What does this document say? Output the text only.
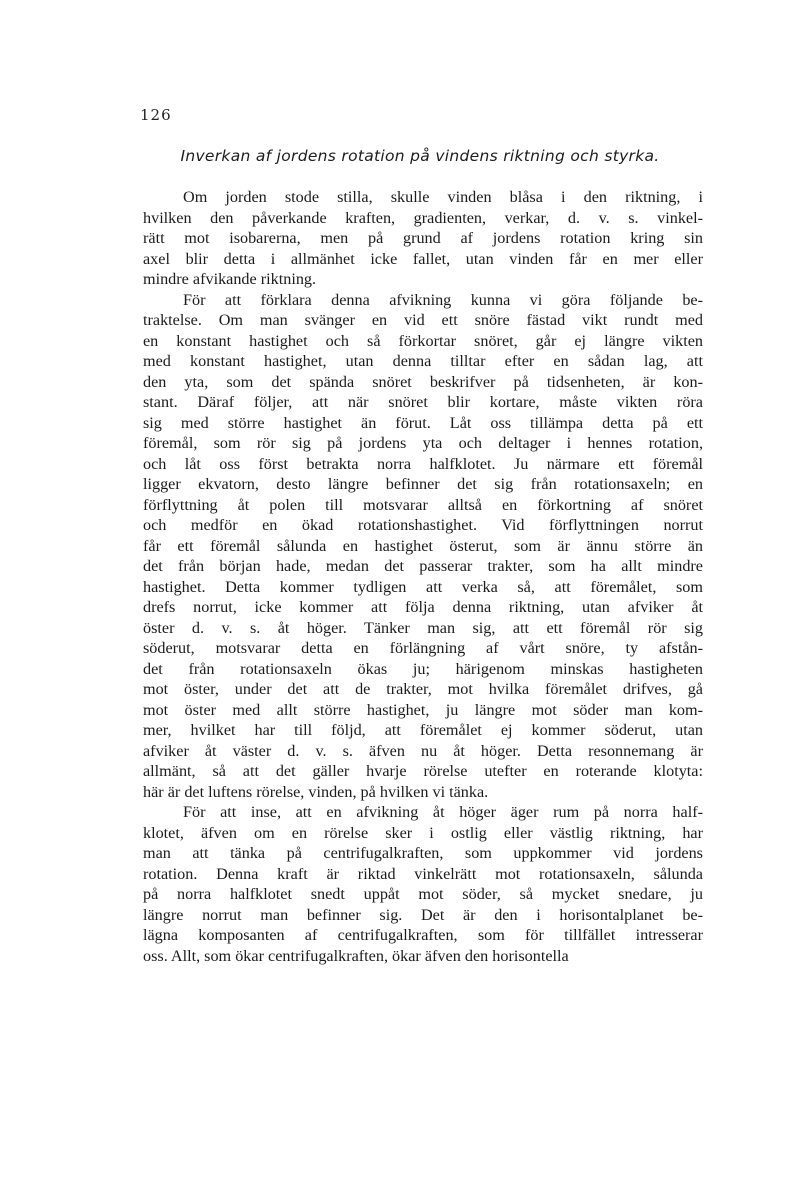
126
Inverkan af jordens rotation på vindens riktning och styrka.
Om jorden stode stilla, skulle vinden blåsa i den riktning, i
hvilken den påverkande kraften, gradienten, verkar, d. v. s. vinkel-
rätt mot isobarerna, men på grund af jordens rotation kring sin
axel blir detta i allmänhet icke fallet, utan vinden får en mer eller
mindre afvikande riktning.
För att förklara denna afvikning kunna vi göra följande be-
traktelse. Om man svänger en vid ett snöre fästad vikt rundt med
en konstant hastighet och så förkortar snöret, går ej längre vikten
med konstant hastighet, utan denna tilltar efter en sådan lag, att
den yta, som det spända snöret beskrifver på tidsenheten, är kon-
stant. Däraf följer, att när snöret blir kortare, måste vikten röra
sig med större hastighet än förut. Låt oss tillämpa detta på ett
föremål, som rör sig på jordens yta och deltager i hennes rotation,
och låt oss först betrakta norra halfklotet. Ju närmare ett föremål
ligger ekvatorn, desto längre befinner det sig från rotationsaxeln; en
förflyttning åt polen till motsvarar alltså en förkortning af snöret
och medför en ökad rotationshastighet. Vid förflyttningen norrut
får ett föremål sålunda en hastighet österut, som är ännu större än
det från början hade, medan det passerar trakter, som ha allt mindre
hastighet. Detta kommer tydligen att verka så, att föremålet, som
drefs norrut, icke kommer att följa denna riktning, utan afviker åt
öster d. v. s. åt höger. Tänker man sig, att ett föremål rör sig
söderut, motsvarar detta en förlängning af vårt snöre, ty afstån-
det från rotationsaxeln ökas ju; härigenom minskas hastigheten
mot öster, under det att de trakter, mot hvilka föremålet drifves, gå
mot öster med allt större hastighet, ju längre mot söder man kom-
mer, hvilket har till följd, att föremålet ej kommer söderut, utan
afviker åt väster d. v. s. äfven nu åt höger. Detta resonnemang är
allmänt, så att det gäller hvarje rörelse utefter en roterande klotyta:
här är det luftens rörelse, vinden, på hvilken vi tänka.
För att inse, att en afvikning åt höger äger rum på norra half-
klotet, äfven om en rörelse sker i ostlig eller västlig riktning, har
man att tänka på centrifugalkraften, som uppkommer vid jordens
rotation. Denna kraft är riktad vinkelrätt mot rotationsaxeln, sålunda
på norra halfklotet snedt uppåt mot söder, så mycket snedare, ju
längre norrut man befinner sig. Det är den i horisontalplanet be-
lägna komposanten af centrifugalkraften, som för tillfället intresserar
oss. Allt, som ökar centrifugalkraften, ökar äfven den horisontella
